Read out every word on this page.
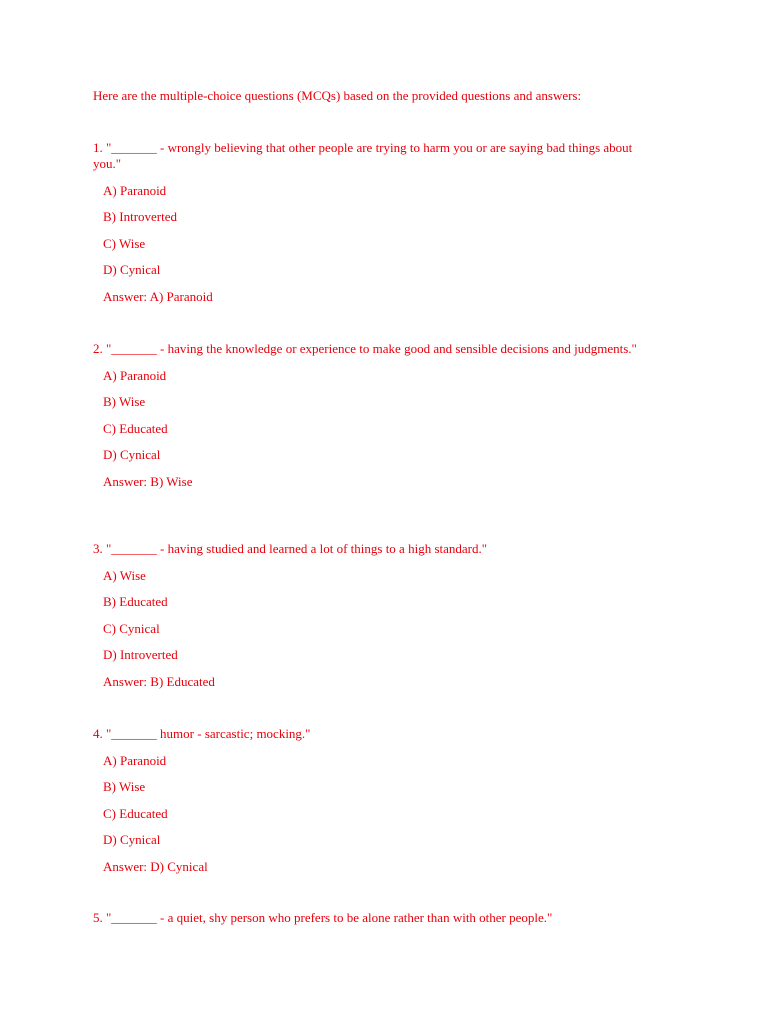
Here are the multiple-choice questions (MCQs) based on the provided questions and answers:

1. "_______ - wrongly believing that other people are trying to harm you or are saying bad things about you."

A) Paranoid
B) Introverted
C) Wise
D) Cynical
Answer: A) Paranoid

2. "_______ - having the knowledge or experience to make good and sensible decisions and judgments."

A) Paranoid
B) Wise
C) Educated
D) Cynical
Answer: B) Wise

3. "_______ - having studied and learned a lot of things to a high standard."

A) Wise
B) Educated
C) Cynical
D) Introverted
Answer: B) Educated

4. "_______ humor - sarcastic; mocking."

A) Paranoid
B) Wise
C) Educated
D) Cynical
Answer: D) Cynical

5. "_______ - a quiet, shy person who prefers to be alone rather than with other people."
